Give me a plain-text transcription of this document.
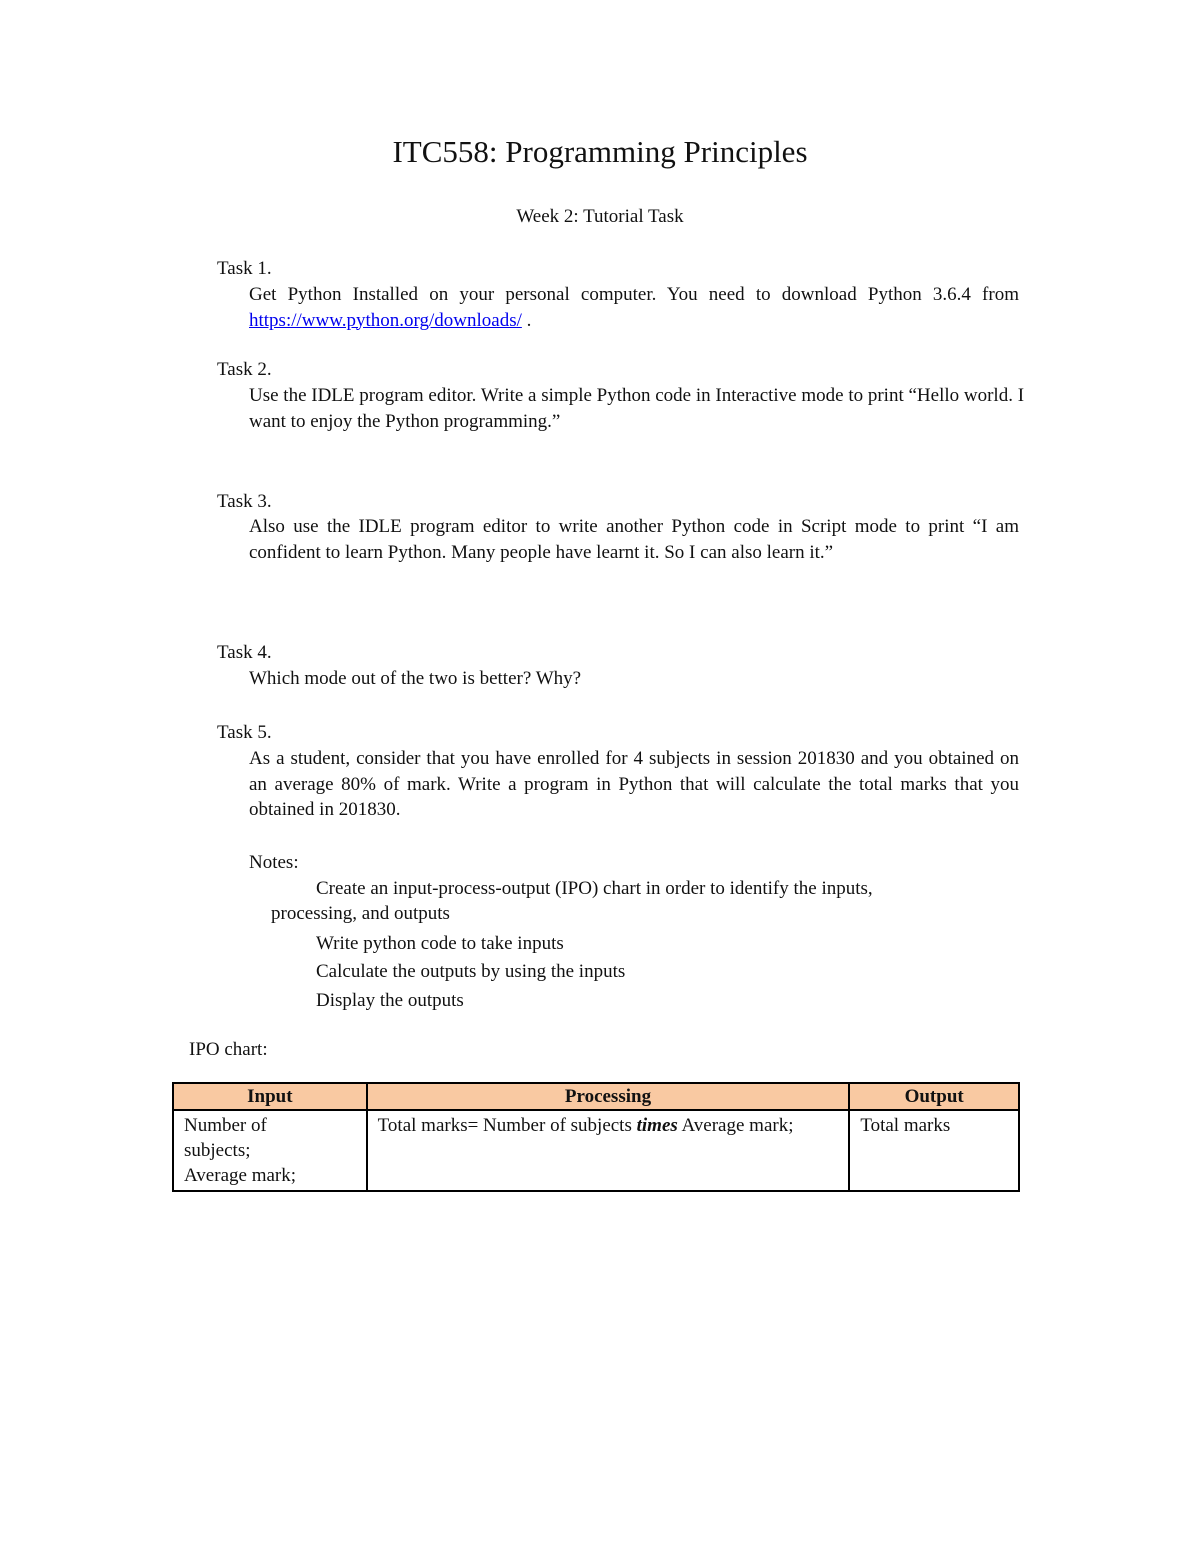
ITC558: Programming Principles
Week 2: Tutorial Task
Task 1.

Get Python Installed on your personal computer. You need to download Python 3.6.4 from https://www.python.org/downloads/ .

Task 2.

Use the IDLE program editor. Write a simple Python code in Interactive mode to print “Hello world. I want to enjoy the Python programming.”

Task 3.

Also use the IDLE program editor to write another Python code in Script mode to print “I am confident to learn Python. Many people have learnt it. So I can also learn it.”

Task 4.

Which mode out of the two is better? Why?

Task 5.

As a student, consider that you have enrolled for 4 subjects in session 201830 and you obtained on an average 80% of mark. Write a program in Python that will calculate the total marks that you obtained in 201830.

Notes:
Create an input-process-output (IPO) chart in order to identify the inputs,
processing, and outputs
Write python code to take inputs
Calculate the outputs by using the inputs
Display the outputs
IPO chart:
Input	Processing	Output

Number of
subjects;
Average mark;	Total marks= Number of subjects times Average mark;	Total marks
